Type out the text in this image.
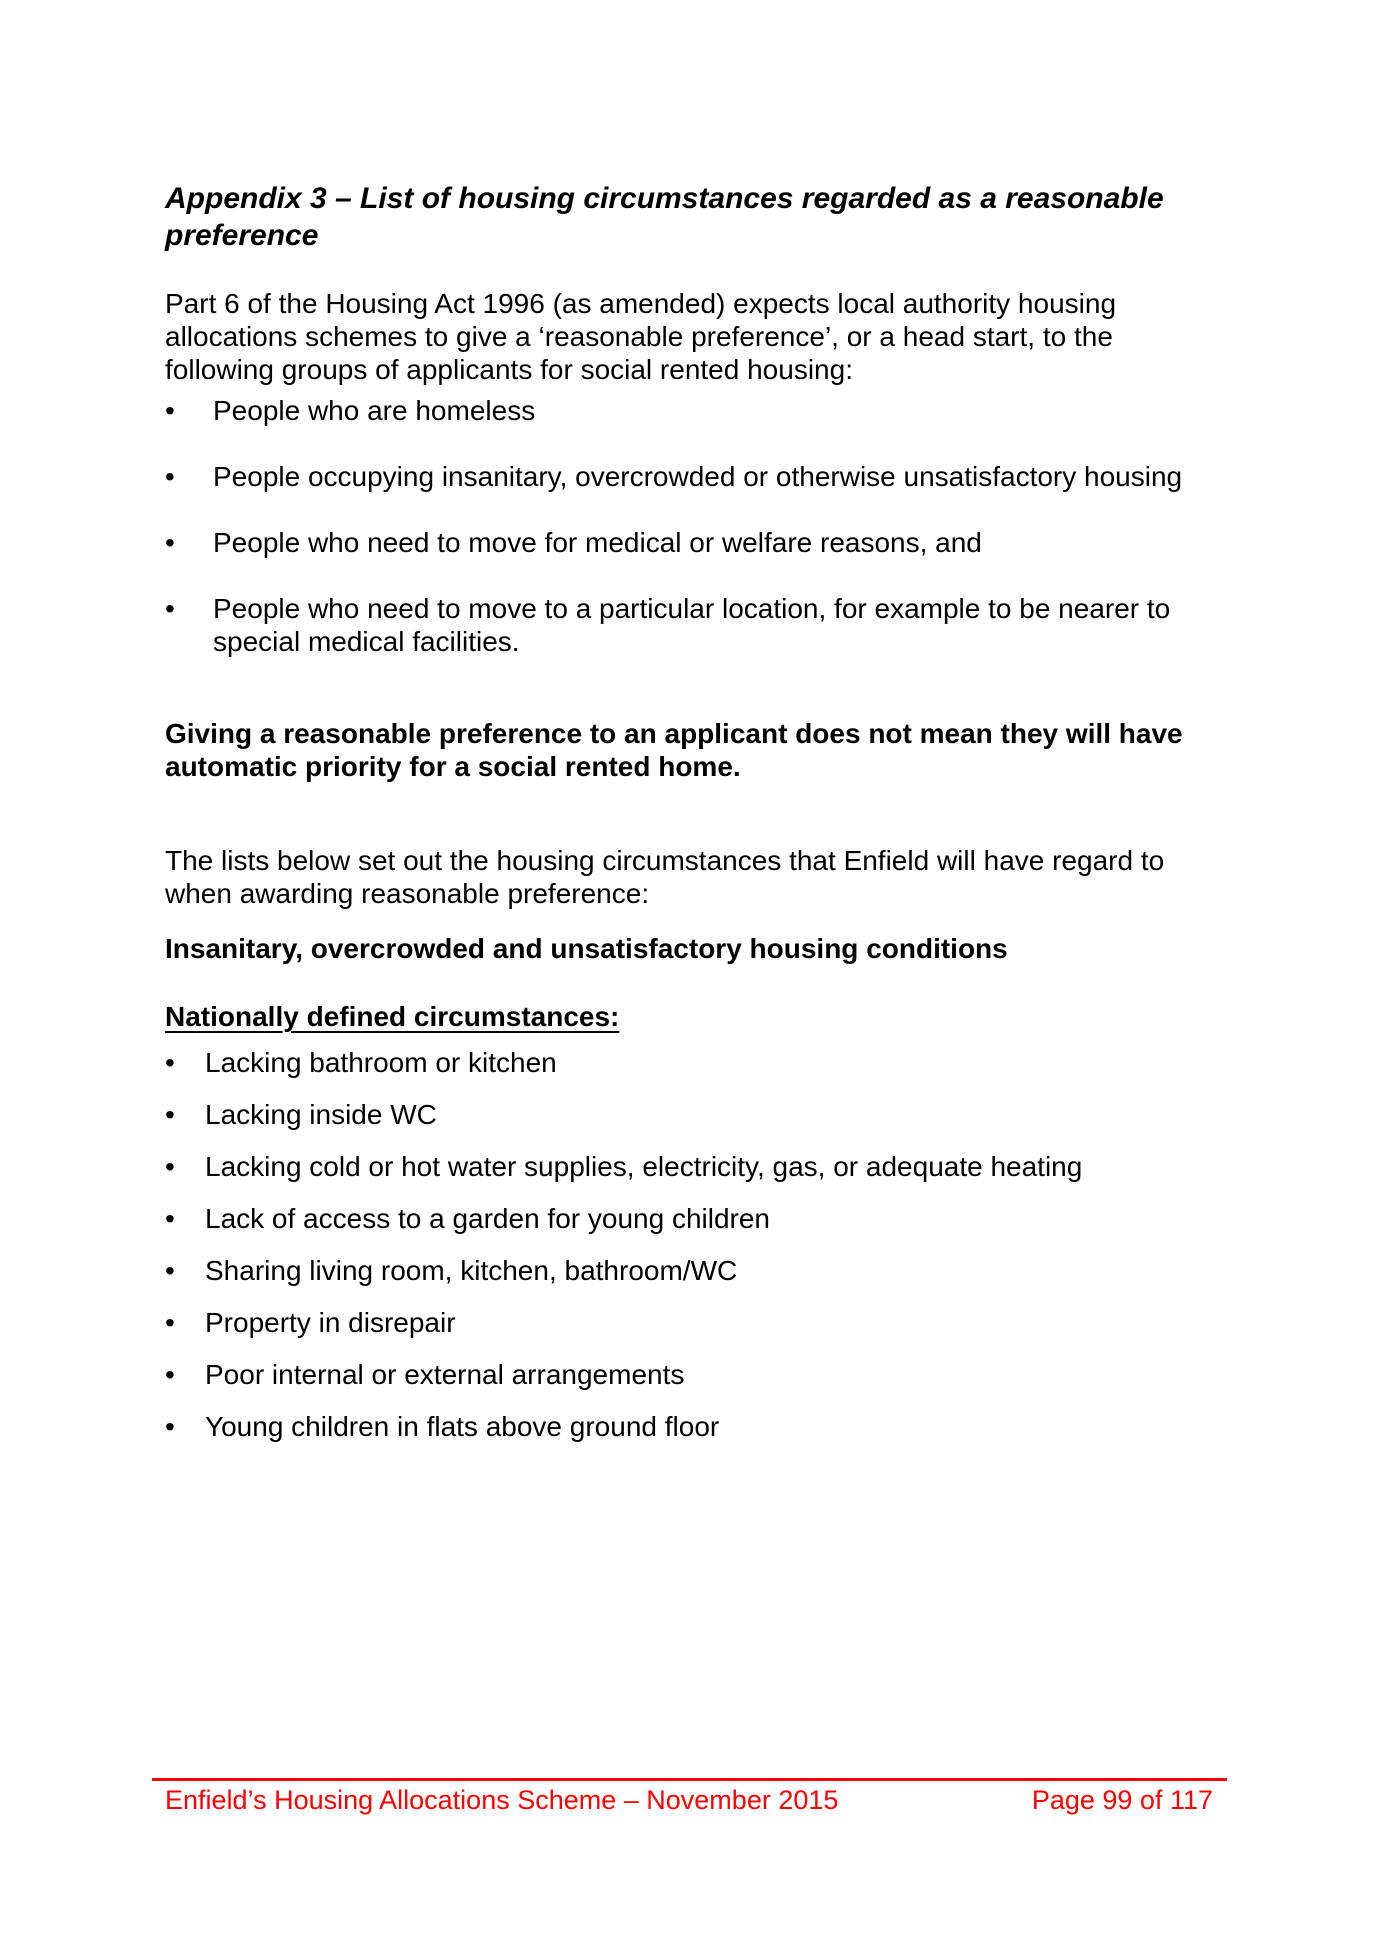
Appendix 3 – List of housing circumstances regarded as a reasonable preference

Part 6 of the Housing Act 1996 (as amended) expects local authority housing allocations schemes to give a ‘reasonable preference’, or a head start, to the following groups of applicants for social rented housing:

• People who are homeless
• People occupying insanitary, overcrowded or otherwise unsatisfactory housing
• People who need to move for medical or welfare reasons, and
• People who need to move to a particular location, for example to be nearer to special medical facilities.

Giving a reasonable preference to an applicant does not mean they will have automatic priority for a social rented home.

The lists below set out the housing circumstances that Enfield will have regard to when awarding reasonable preference:

Insanitary, overcrowded and unsatisfactory housing conditions
Nationally defined circumstances:
• Lacking bathroom or kitchen
• Lacking inside WC
• Lacking cold or hot water supplies, electricity, gas, or adequate heating
• Lack of access to a garden for young children
• Sharing living room, kitchen, bathroom/WC
• Property in disrepair
• Poor internal or external arrangements
• Young children in flats above ground floor
Enfield’s Housing Allocations Scheme – November 2015	Page 99 of 117
